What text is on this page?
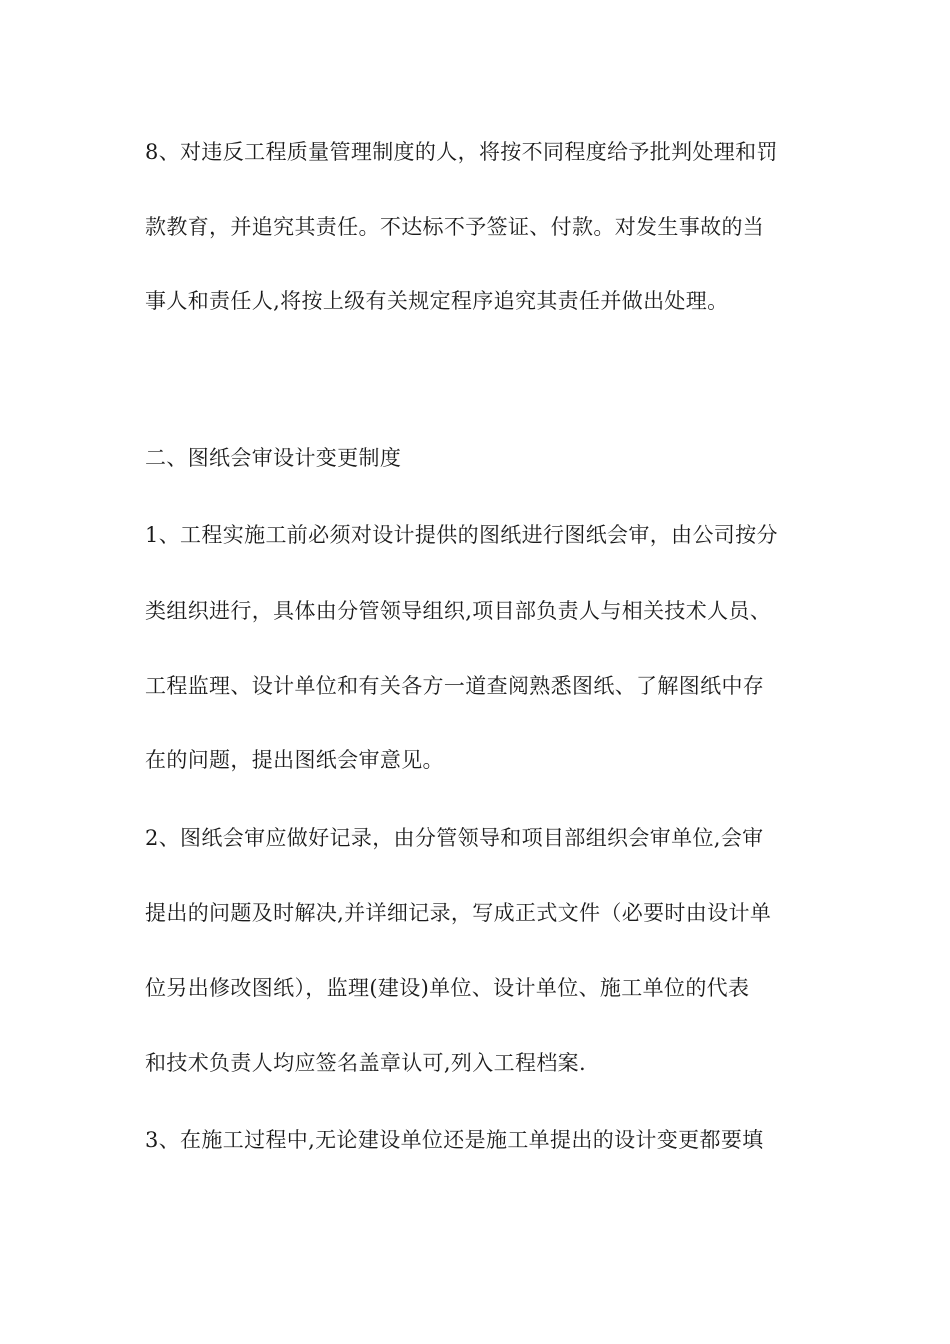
8、对违反工程质量管理制度的人，将按不同程度给予批判处理和罚

款教育，并追究其责任。不达标不予签证、付款。对发生事故的当

事人和责任人,将按上级有关规定程序追究其责任并做出处理。

二、图纸会审设计变更制度

1、工程实施工前必须对设计提供的图纸进行图纸会审，由公司按分

类组织进行，具体由分管领导组织,项目部负责人与相关技术人员、

工程监理、设计单位和有关各方一道查阅熟悉图纸、了解图纸中存

在的问题，提出图纸会审意见。

2、图纸会审应做好记录，由分管领导和项目部组织会审单位,会审

提出的问题及时解决,并详细记录，写成正式文件（必要时由设计单

位另出修改图纸），监理(建设)单位、设计单位、施工单位的代表

和技术负责人均应签名盖章认可,列入工程档案.

3、在施工过程中,无论建设单位还是施工单提出的设计变更都要填
